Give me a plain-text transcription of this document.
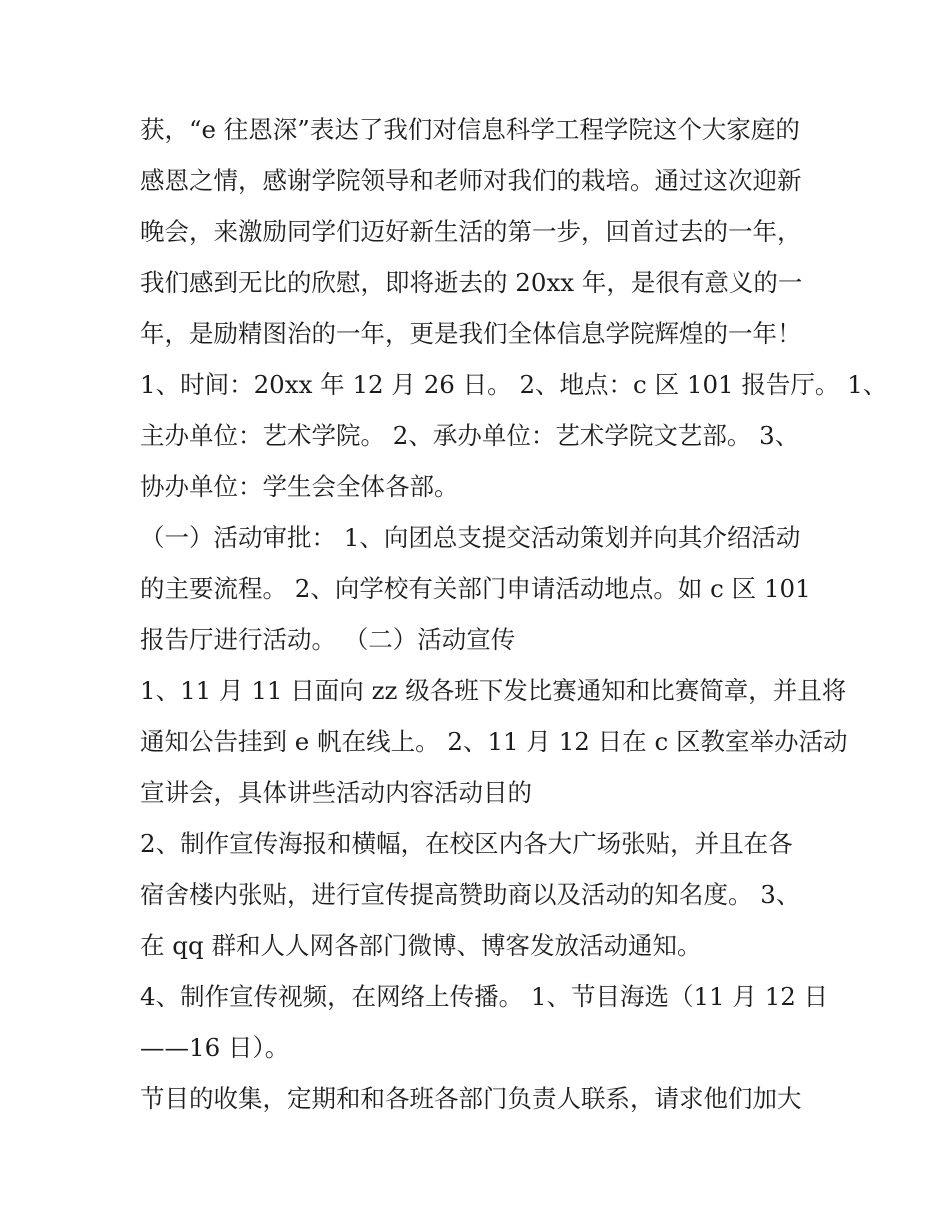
获，“e 往恩深”表达了我们对信息科学工程学院这个大家庭的
感恩之情，感谢学院领导和老师对我们的栽培。通过这次迎新
晚会，来激励同学们迈好新生活的第一步，回首过去的一年，
我们感到无比的欣慰，即将逝去的 20xx 年，是很有意义的一
年，是励精图治的一年，更是我们全体信息学院辉煌的一年！
1、时间：20xx 年 12 月 26 日。 2、地点：c 区 101 报告厅。 1、
主办单位：艺术学院。 2、承办单位：艺术学院文艺部。 3、
协办单位：学生会全体各部。
（一）活动审批： 1、向团总支提交活动策划并向其介绍活动
的主要流程。 2、向学校有关部门申请活动地点。如 c 区 101
报告厅进行活动。 （二）活动宣传
1、11 月 11 日面向 zz 级各班下发比赛通知和比赛简章，并且将
通知公告挂到 e 帆在线上。 2、11 月 12 日在 c 区教室举办活动
宣讲会，具体讲些活动内容活动目的
2、制作宣传海报和横幅，在校区内各大广场张贴，并且在各
宿舍楼内张贴，进行宣传提高赞助商以及活动的知名度。 3、
在 qq 群和人人网各部门微博、博客发放活动通知。
4、制作宣传视频，在网络上传播。 1、节目海选（11 月 12 日
——16 日）。
节目的收集，定期和和各班各部门负责人联系，请求他们加大
